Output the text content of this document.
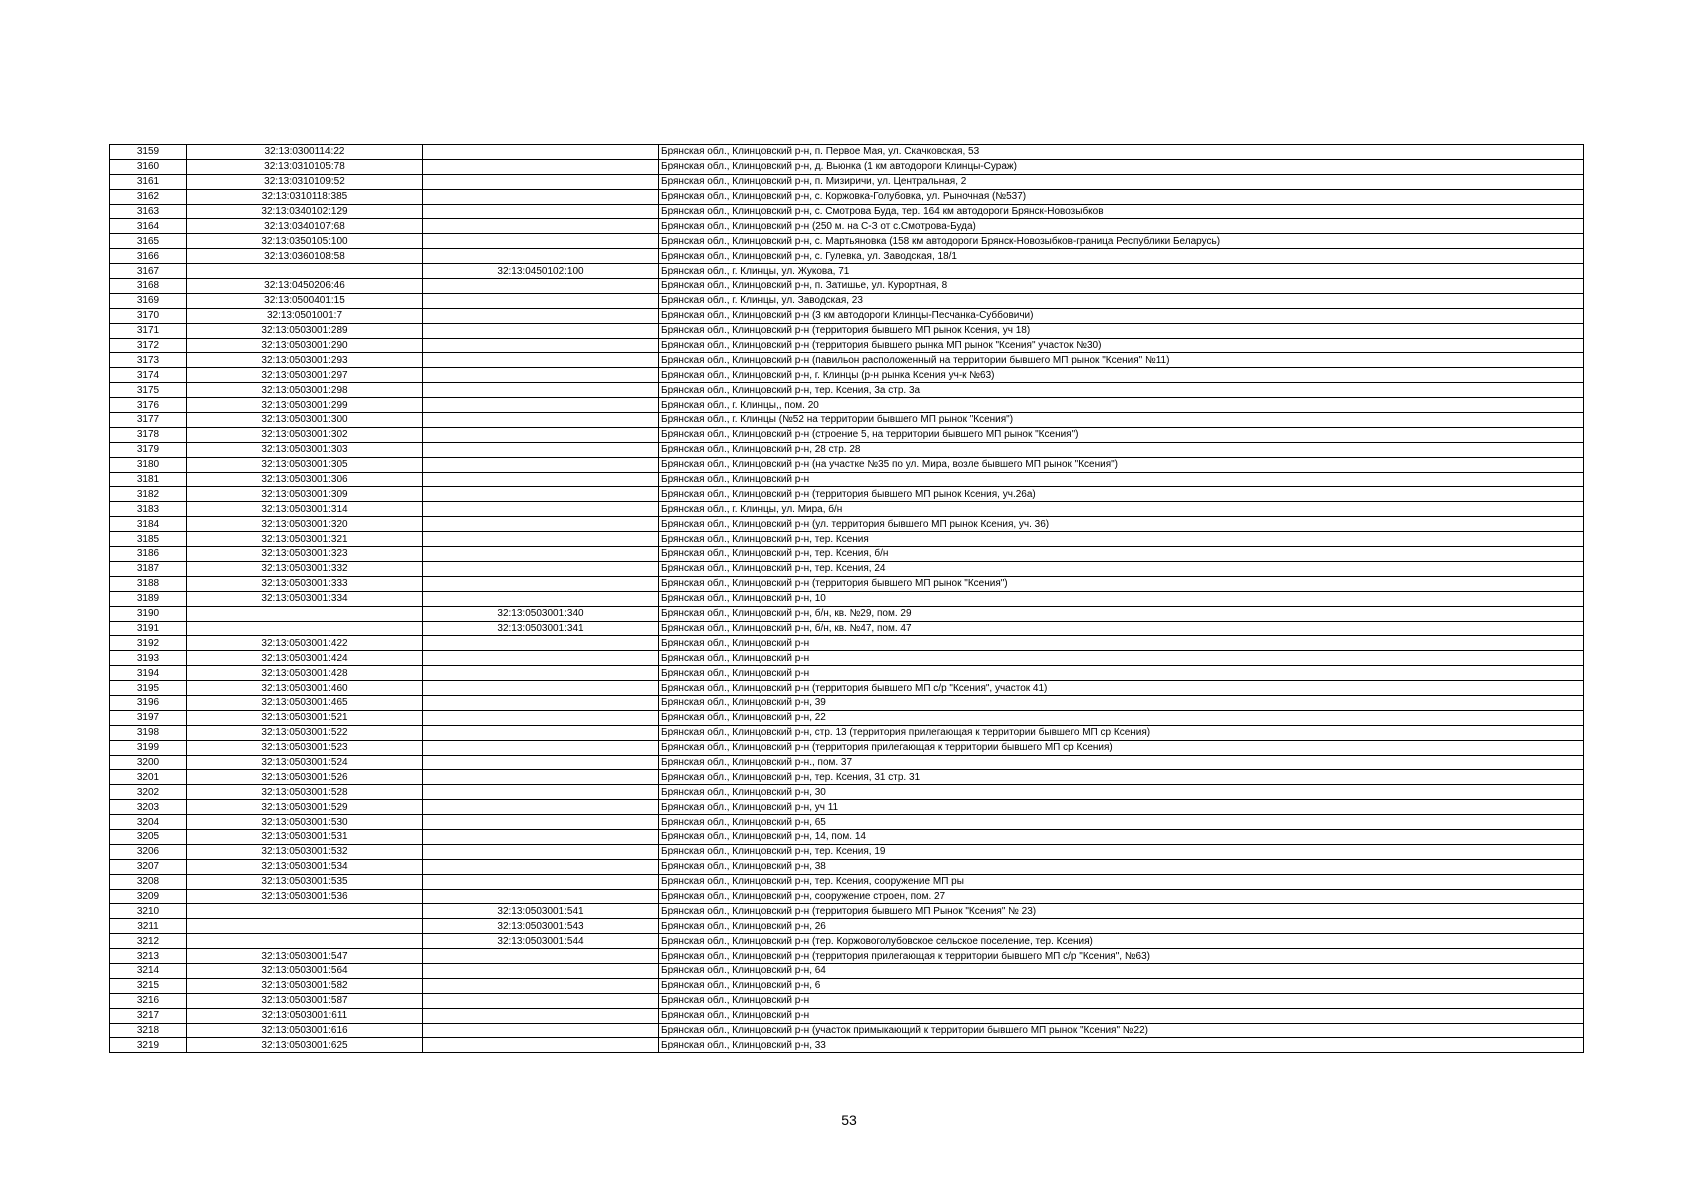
3159	32:13:0300114:22		Брянская обл., Клинцовский р-н, п. Первое Мая, ул. Скачковская, 53
3160	32:13:0310105:78		Брянская обл., Клинцовский р-н, д. Вьюнка (1 км автодороги Клинцы-Сураж)
3161	32:13:0310109:52		Брянская обл., Клинцовский р-н, п. Мизиричи, ул. Центральная, 2
3162	32:13:0310118:385		Брянская обл., Клинцовский р-н, с. Коржовка-Голубовка, ул. Рыночная (№537)
3163	32:13:0340102:129		Брянская обл., Клинцовский р-н, с. Смотрова Буда, тер. 164 км автодороги Брянск-Новозыбков
3164	32:13:0340107:68		Брянская обл., Клинцовский р-н (250 м. на С-З от с.Смотрова-Буда)
3165	32:13:0350105:100		Брянская обл., Клинцовский р-н, с. Мартьяновка (158 км автодороги Брянск-Новозыбков-граница Республики Беларусь)
3166	32:13:0360108:58		Брянская обл., Клинцовский р-н, с. Гулевка, ул. Заводская, 18/1
3167		32:13:0450102:100	Брянская обл., г. Клинцы, ул. Жукова, 71
3168	32:13:0450206:46		Брянская обл., Клинцовский р-н, п. Затишье, ул. Курортная, 8
3169	32:13:0500401:15		Брянская обл., г. Клинцы, ул. Заводская, 23
3170	32:13:0501001:7		Брянская обл., Клинцовский р-н (3 км автодороги Клинцы-Песчанка-Суббовичи)
3171	32:13:0503001:289		Брянская обл., Клинцовский р-н (территория бывшего МП рынок Ксения, уч 18)
3172	32:13:0503001:290		Брянская обл., Клинцовский р-н (территория бывшего рынка МП рынок "Ксения" участок №30)
3173	32:13:0503001:293		Брянская обл., Клинцовский р-н (павильон расположенный на территории бывшего МП рынок "Ксения" №11)
3174	32:13:0503001:297		Брянская обл., Клинцовский р-н, г. Клинцы (р-н рынка Ксения уч-к №63)
3175	32:13:0503001:298		Брянская обл., Клинцовский р-н, тер. Ксения, 3а стр. 3а
3176	32:13:0503001:299		Брянская обл., г. Клинцы,, пом. 20
3177	32:13:0503001:300		Брянская обл., г. Клинцы (№52 на территории бывшего МП рынок "Ксения")
3178	32:13:0503001:302		Брянская обл., Клинцовский р-н (строение 5, на территории бывшего МП рынок "Ксения")
3179	32:13:0503001:303		Брянская обл., Клинцовский р-н, 28 стр. 28
3180	32:13:0503001:305		Брянская обл., Клинцовский р-н (на участке №35 по ул. Мира, возле бывшего МП рынок "Ксения")
3181	32:13:0503001:306		Брянская обл., Клинцовский р-н
3182	32:13:0503001:309		Брянская обл., Клинцовский р-н (территория бывшего МП рынок Ксения, уч.26а)
3183	32:13:0503001:314		Брянская обл., г. Клинцы, ул. Мира, б/н
3184	32:13:0503001:320		Брянская обл., Клинцовский р-н (ул. территория бывшего МП рынок Ксения, уч. 36)
3185	32:13:0503001:321		Брянская обл., Клинцовский р-н, тер. Ксения
3186	32:13:0503001:323		Брянская обл., Клинцовский р-н, тер. Ксения, б/н
3187	32:13:0503001:332		Брянская обл., Клинцовский р-н, тер. Ксения, 24
3188	32:13:0503001:333		Брянская обл., Клинцовский р-н (территория бывшего МП рынок "Ксения")
3189	32:13:0503001:334		Брянская обл., Клинцовский р-н, 10
3190		32:13:0503001:340	Брянская обл., Клинцовский р-н, б/н, кв. №29, пом. 29
3191		32:13:0503001:341	Брянская обл., Клинцовский р-н, б/н, кв. №47, пом. 47
3192	32:13:0503001:422		Брянская обл., Клинцовский р-н
3193	32:13:0503001:424		Брянская обл., Клинцовский р-н
3194	32:13:0503001:428		Брянская обл., Клинцовский р-н
3195	32:13:0503001:460		Брянская обл., Клинцовский р-н (территория бывшего МП с/р "Ксения", участок 41)
3196	32:13:0503001:465		Брянская обл., Клинцовский р-н, 39
3197	32:13:0503001:521		Брянская обл., Клинцовский р-н, 22
3198	32:13:0503001:522		Брянская обл., Клинцовский р-н, стр. 13 (территория прилегающая к территории бывшего МП ср Ксения)
3199	32:13:0503001:523		Брянская обл., Клинцовский р-н (территория прилегающая к территории бывшего МП ср Ксения)
3200	32:13:0503001:524		Брянская обл., Клинцовский р-н., пом. 37
3201	32:13:0503001:526		Брянская обл., Клинцовский р-н, тер. Ксения, 31 стр. 31
3202	32:13:0503001:528		Брянская обл., Клинцовский р-н, 30
3203	32:13:0503001:529		Брянская обл., Клинцовский р-н, уч 11
3204	32:13:0503001:530		Брянская обл., Клинцовский р-н, 65
3205	32:13:0503001:531		Брянская обл., Клинцовский р-н, 14, пом. 14
3206	32:13:0503001:532		Брянская обл., Клинцовский р-н, тер. Ксения, 19
3207	32:13:0503001:534		Брянская обл., Клинцовский р-н, 38
3208	32:13:0503001:535		Брянская обл., Клинцовский р-н, тер. Ксения, сооружение МП ры
3209	32:13:0503001:536		Брянская обл., Клинцовский р-н, сооружение строен, пом. 27
3210		32:13:0503001:541	Брянская обл., Клинцовский р-н (территория бывшего МП Рынок "Ксения" № 23)
3211		32:13:0503001:543	Брянская обл., Клинцовский р-н, 26
3212		32:13:0503001:544	Брянская обл., Клинцовский р-н (тер. Коржовоголубовское сельское поселение, тер. Ксения)
3213	32:13:0503001:547		Брянская обл., Клинцовский р-н (территория прилегающая к территории бывшего МП с/р "Ксения", №63)
3214	32:13:0503001:564		Брянская обл., Клинцовский р-н, 64
3215	32:13:0503001:582		Брянская обл., Клинцовский р-н, 6
3216	32:13:0503001:587		Брянская обл., Клинцовский р-н
3217	32:13:0503001:611		Брянская обл., Клинцовский р-н
3218	32:13:0503001:616		Брянская обл., Клинцовский р-н (участок примыкающий к территории бывшего МП рынок "Ксения" №22)
3219	32:13:0503001:625		Брянская обл., Клинцовский р-н, 33
53
